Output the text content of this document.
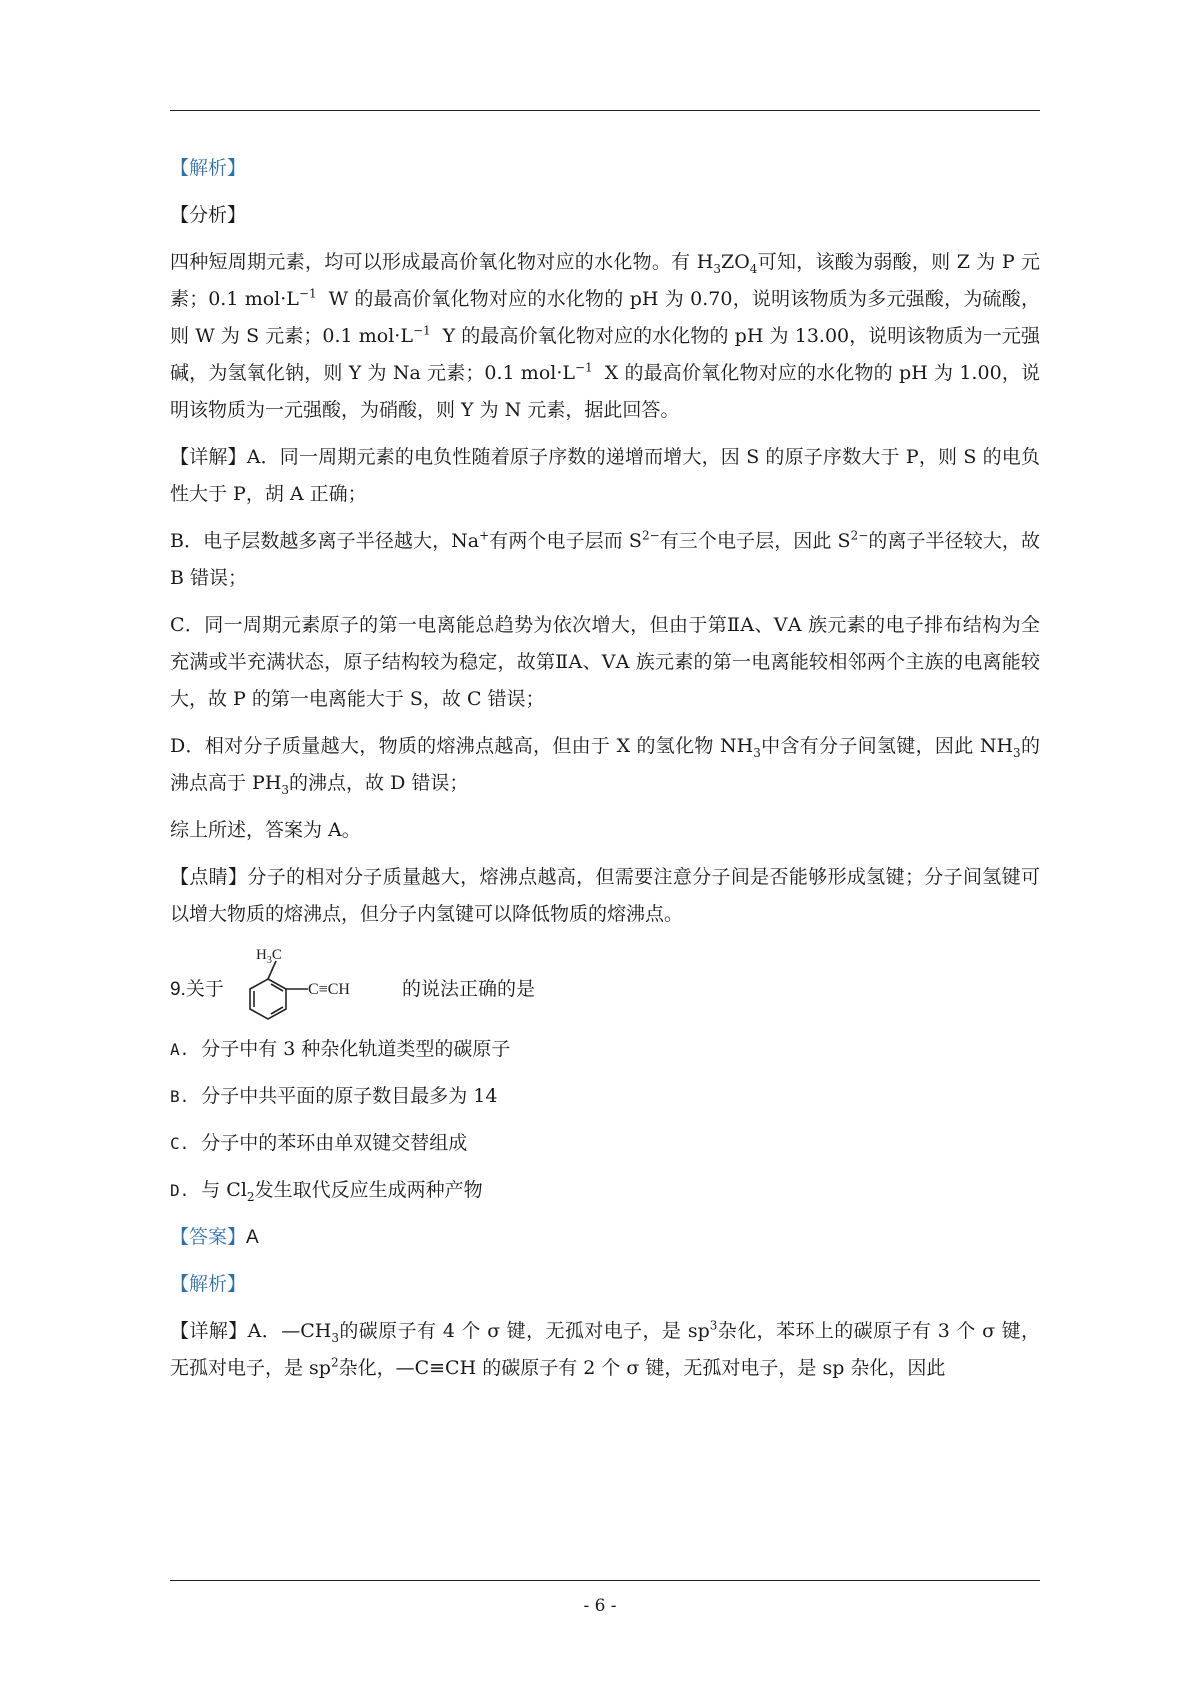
【解析】
【分析】

四种短周期元素，均可以形成最高价氧化物对应的水化物。有 $H_3ZO_4$可知，该酸为弱酸，则 Z 为 P 元素；0.1 $mol\cdot L^{-1}$ W 的最高价氧化物对应的水化物的 pH 为 0.70，说明该物质为多元强酸，为硫酸，则 W 为 S 元素；0.1 $mol\cdot L^{-1}$ Y 的最高价氧化物对应的水化物的 pH 为 13.00，说明该物质为一元强碱，为氢氧化钠，则 Y 为 Na 元素；0.1 $mol\cdot L^{-1}$ X 的最高价氧化物对应的水化物的 pH 为 1.00，说明该物质为一元强酸，为硝酸，则 Y 为 N 元素，据此回答。

【详解】A．同一周期元素的电负性随着原子序数的递增而增大，因 S 的原子序数大于 P，则 S 的电负性大于 P，胡 A 正确；

B．电子层数越多离子半径越大，Na+有两个电子层而 $S^{2-}$有三个电子层，因此 $S^{2-}$的离子半径较大，故 B 错误；

C．同一周期元素原子的第一电离能总趋势为依次增大，但由于第ⅡA、ⅤA 族元素的电子排布结构为全充满或半充满状态，原子结构较为稳定，故第ⅡA、ⅤA 族元素的第一电离能较相邻两个主族的电离能较大，故 P 的第一电离能大于 S，故 C 错误；

D．相对分子质量越大，物质的熔沸点越高，但由于 X 的氢化物 $NH_3$中含有分子间氢键，因此 $NH_3$的沸点高于 $PH_3$的沸点，故 D 错误；

综上所述，答案为 A。

【点睛】分子的相对分子质量越大，熔沸点越高，但需要注意分子间是否能够形成氢键；分子间氢键可以增大物质的熔沸点，但分子内氢键可以降低物质的熔沸点。

9.关于
$H_3C$
C≡CH	的说法正确的是
A. 分子中有 3 种杂化轨道类型的碳原子
B. 分子中共平面的原子数目最多为 14
C. 分子中的苯环由单双键交替组成
D. 与 $Cl_2$发生取代反应生成两种产物
【答案】A
【解析】

【详解】A．$—CH_3$的碳原子有 4 个 σ 键，无孤对电子，是 $sp^3$杂化，苯环上的碳原子有 3 个 σ 键，无孤对电子，是 $sp^2$杂化，—C≡CH 的碳原子有 2 个 σ 键，无孤对电子，是 sp 杂化，因此

- 6 -
